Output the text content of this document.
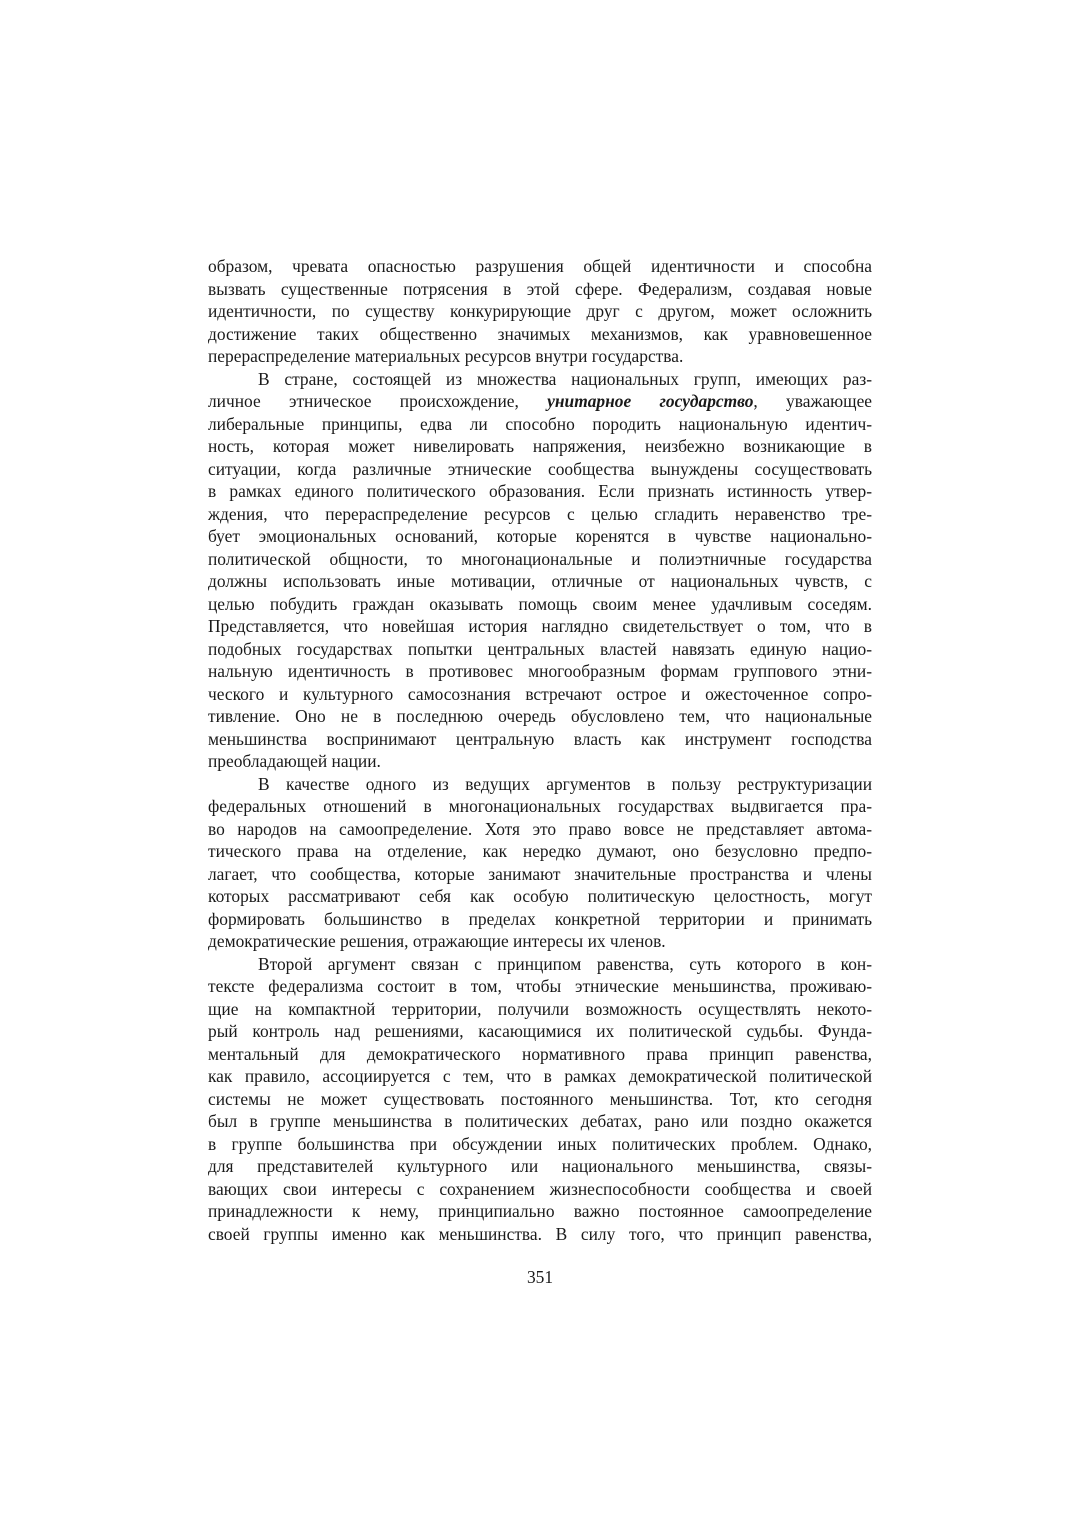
образом, чревата опасностью разрушения общей идентичности и способна
вызвать существенные потрясения в этой сфере. Федерализм, создавая новые
идентичности, по существу конкурирующие друг с другом, может осложнить
достижение таких общественно значимых механизмов, как уравновешенное
перераспределение материальных ресурсов внутри государства.
В стране, состоящей из множества национальных групп, имеющих раз-
личное этническое происхождение, унитарное государство, уважающее
либеральные принципы, едва ли способно породить национальную идентич-
ность, которая может нивелировать напряжения, неизбежно возникающие в
ситуации, когда различные этнические сообщества вынуждены сосуществовать
в рамках единого политического образования. Если признать истинность утвер-
ждения, что перераспределение ресурсов с целью сгладить неравенство тре-
бует эмоциональных оснований, которые коренятся в чувстве национально-
политической общности, то многонациональные и полиэтничные государства
должны использовать иные мотивации, отличные от национальных чувств, с
целью побудить граждан оказывать помощь своим менее удачливым соседям.
Представляется, что новейшая история наглядно свидетельствует о том, что в
подобных государствах попытки центральных властей навязать единую нацио-
нальную идентичность в противовес многообразным формам группового этни-
ческого и культурного самосознания встречают острое и ожесточенное сопро-
тивление. Оно не в последнюю очередь обусловлено тем, что национальные
меньшинства воспринимают центральную власть как инструмент господства
преобладающей нации.
В качестве одного из ведущих аргументов в пользу реструктуризации
федеральных отношений в многонациональных государствах выдвигается пра-
во народов на самоопределение. Хотя это право вовсе не представляет автома-
тического права на отделение, как нередко думают, оно безусловно предпо-
лагает, что сообщества, которые занимают значительные пространства и члены
которых рассматривают себя как особую политическую целостность, могут
формировать большинство в пределах конкретной территории и принимать
демократические решения, отражающие интересы их членов.
Второй аргумент связан с принципом равенства, суть которого в кон-
тексте федерализма состоит в том, чтобы этнические меньшинства, проживаю-
щие на компактной территории, получили возможность осуществлять некото-
рый контроль над решениями, касающимися их политической судьбы. Фунда-
ментальный для демократического нормативного права принцип равенства,
как правило, ассоциируется с тем, что в рамках демократической политической
системы не может существовать постоянного меньшинства. Тот, кто сегодня
был в группе меньшинства в политических дебатах, рано или поздно окажется
в группе большинства при обсуждении иных политических проблем. Однако,
для представителей культурного или национального меньшинства, связы-
вающих свои интересы с сохранением жизнеспособности сообщества и своей
принадлежности к нему, принципиально важно постоянное самоопределение
своей группы именно как меньшинства. В силу того, что принцип равенства,
351
